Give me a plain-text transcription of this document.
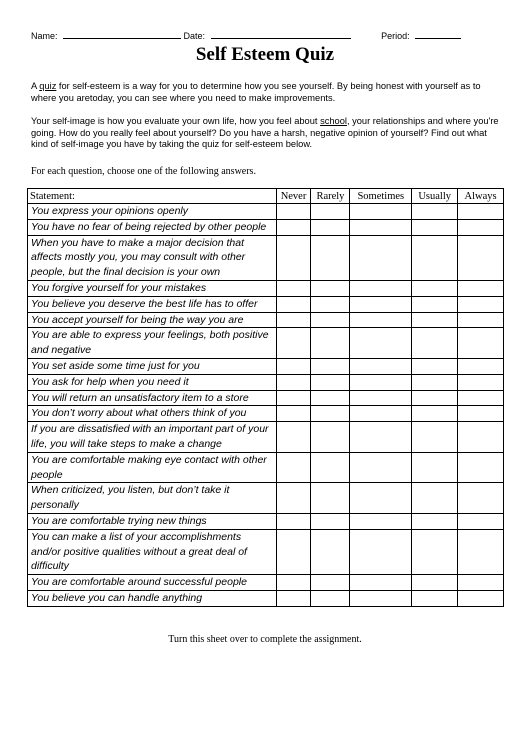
Name:	Date:	Period:
Self Esteem Quiz
A quiz for self-esteem is a way for you to determine how you see yourself. By being honest with yourself as to where you aretoday, you can see where you need to make improvements.
Your self-image is how you evaluate your own life, how you feel about school, your relationships and where you're going. How do you really feel about yourself? Do you have a harsh, negative opinion of yourself? Find out what kind of self-image you have by taking the quiz for self-esteem below.
For each question, choose one of the following answers.
Statement:	Never	Rarely	Sometimes	Usually	Always
You express your opinions openly					
You have no fear of being rejected by other people					
When you have to make a major decision that affects mostly you, you may consult with other people, but the final decision is your own					
You forgive yourself for your mistakes					
You believe you deserve the best life has to offer					
You accept yourself for being the way you are					
You are able to express your feelings, both positive and negative					
You set aside some time just for you					
You ask for help when you need it					
You will return an unsatisfactory item to a store					
You don’t worry about what others think of you					
If you are dissatisfied with an important part of your life, you will take steps to make a change					
You are comfortable making eye contact with other people					
When criticized, you listen, but don’t take it personally					
You are comfortable trying new things					
You can make a list of your accomplishments and/or positive qualities without a great deal of difficulty					
You are comfortable around successful people					
You believe you can handle anything					
Turn this sheet over to complete the assignment.
